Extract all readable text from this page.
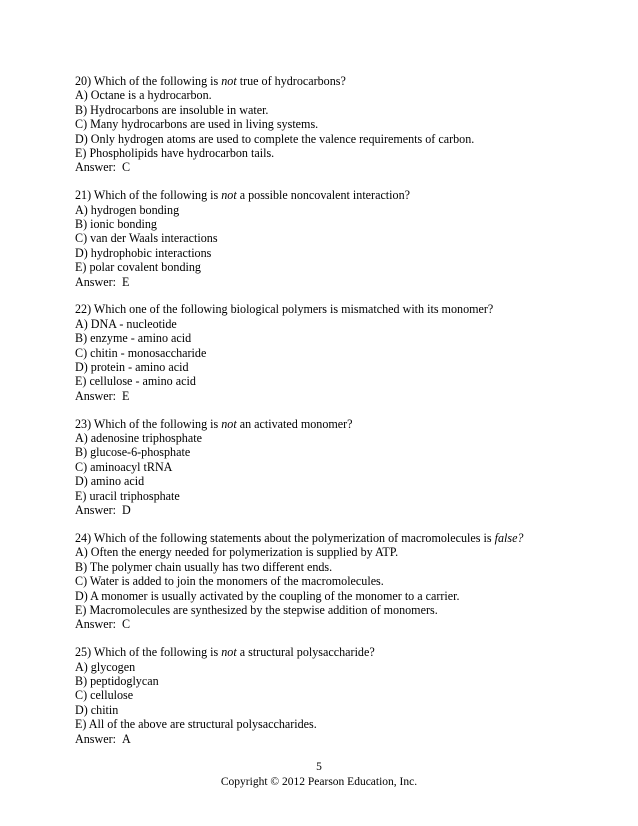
20) Which of the following is not true of hydrocarbons?
A) Octane is a hydrocarbon.
B) Hydrocarbons are insoluble in water.
C) Many hydrocarbons are used in living systems.
D) Only hydrogen atoms are used to complete the valence requirements of carbon.
E) Phospholipids have hydrocarbon tails.
Answer: C
21) Which of the following is not a possible noncovalent interaction?
A) hydrogen bonding
B) ionic bonding
C) van der Waals interactions
D) hydrophobic interactions
E) polar covalent bonding
Answer: E
22) Which one of the following biological polymers is mismatched with its monomer?
A) DNA - nucleotide
B) enzyme - amino acid
C) chitin - monosaccharide
D) protein - amino acid
E) cellulose - amino acid
Answer: E
23) Which of the following is not an activated monomer?
A) adenosine triphosphate
B) glucose-6-phosphate
C) aminoacyl tRNA
D) amino acid
E) uracil triphosphate
Answer: D
24) Which of the following statements about the polymerization of macromolecules is false?
A) Often the energy needed for polymerization is supplied by ATP.
B) The polymer chain usually has two different ends.
C) Water is added to join the monomers of the macromolecules.
D) A monomer is usually activated by the coupling of the monomer to a carrier.
E) Macromolecules are synthesized by the stepwise addition of monomers.
Answer: C
25) Which of the following is not a structural polysaccharide?
A) glycogen
B) peptidoglycan
C) cellulose
D) chitin
E) All of the above are structural polysaccharides.
Answer: A
5
Copyright © 2012 Pearson Education, Inc.
